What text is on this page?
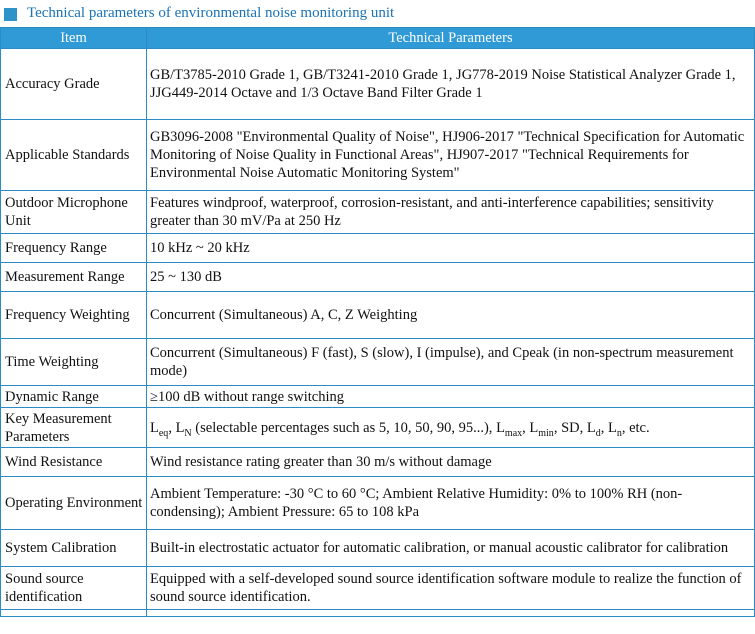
Technical parameters of environmental noise monitoring unit
Item	Technical Parameters
Accuracy Grade	GB/T3785-2010 Grade 1, GB/T3241-2010 Grade 1, JG778-2019 Noise Statistical Analyzer Grade 1, JJG449-2014 Octave and 1/3 Octave Band Filter Grade 1
Applicable Standards	GB3096-2008 "Environmental Quality of Noise", HJ906-2017 "Technical Specification for Automatic Monitoring of Noise Quality in Functional Areas", HJ907-2017 "Technical Requirements for Environmental Noise Automatic Monitoring System"
Outdoor Microphone Unit	Features windproof, waterproof, corrosion-resistant, and anti-interference capabilities; sensitivity greater than 30 mV/Pa at 250 Hz
Frequency Range	10 kHz ~ 20 kHz
Measurement Range	25 ~ 130 dB
Frequency Weighting	Concurrent (Simultaneous) A, C, Z Weighting
Time Weighting	Concurrent (Simultaneous) F (fast), S (slow), I (impulse), and Cpeak (in non-spectrum measurement mode)
Dynamic Range	≥100 dB without range switching
Key Measurement Parameters	$L_{eq}$, $L_N$ (selectable percentages such as 5, 10, 50, 90, 95...), $L_{max}$, $L_{min}$, SD, $L_d$, $L_n$, etc.
Wind Resistance	Wind resistance rating greater than 30 m/s without damage
Operating Environment	Ambient Temperature: -30 °C to 60 °C; Ambient Relative Humidity: 0% to 100% RH (non-condensing); Ambient Pressure: 65 to 108 kPa
System Calibration	Built-in electrostatic actuator for automatic calibration, or manual acoustic calibrator for calibration
Sound source identification	Equipped with a self-developed sound source identification software module to realize the function of sound source identification.
